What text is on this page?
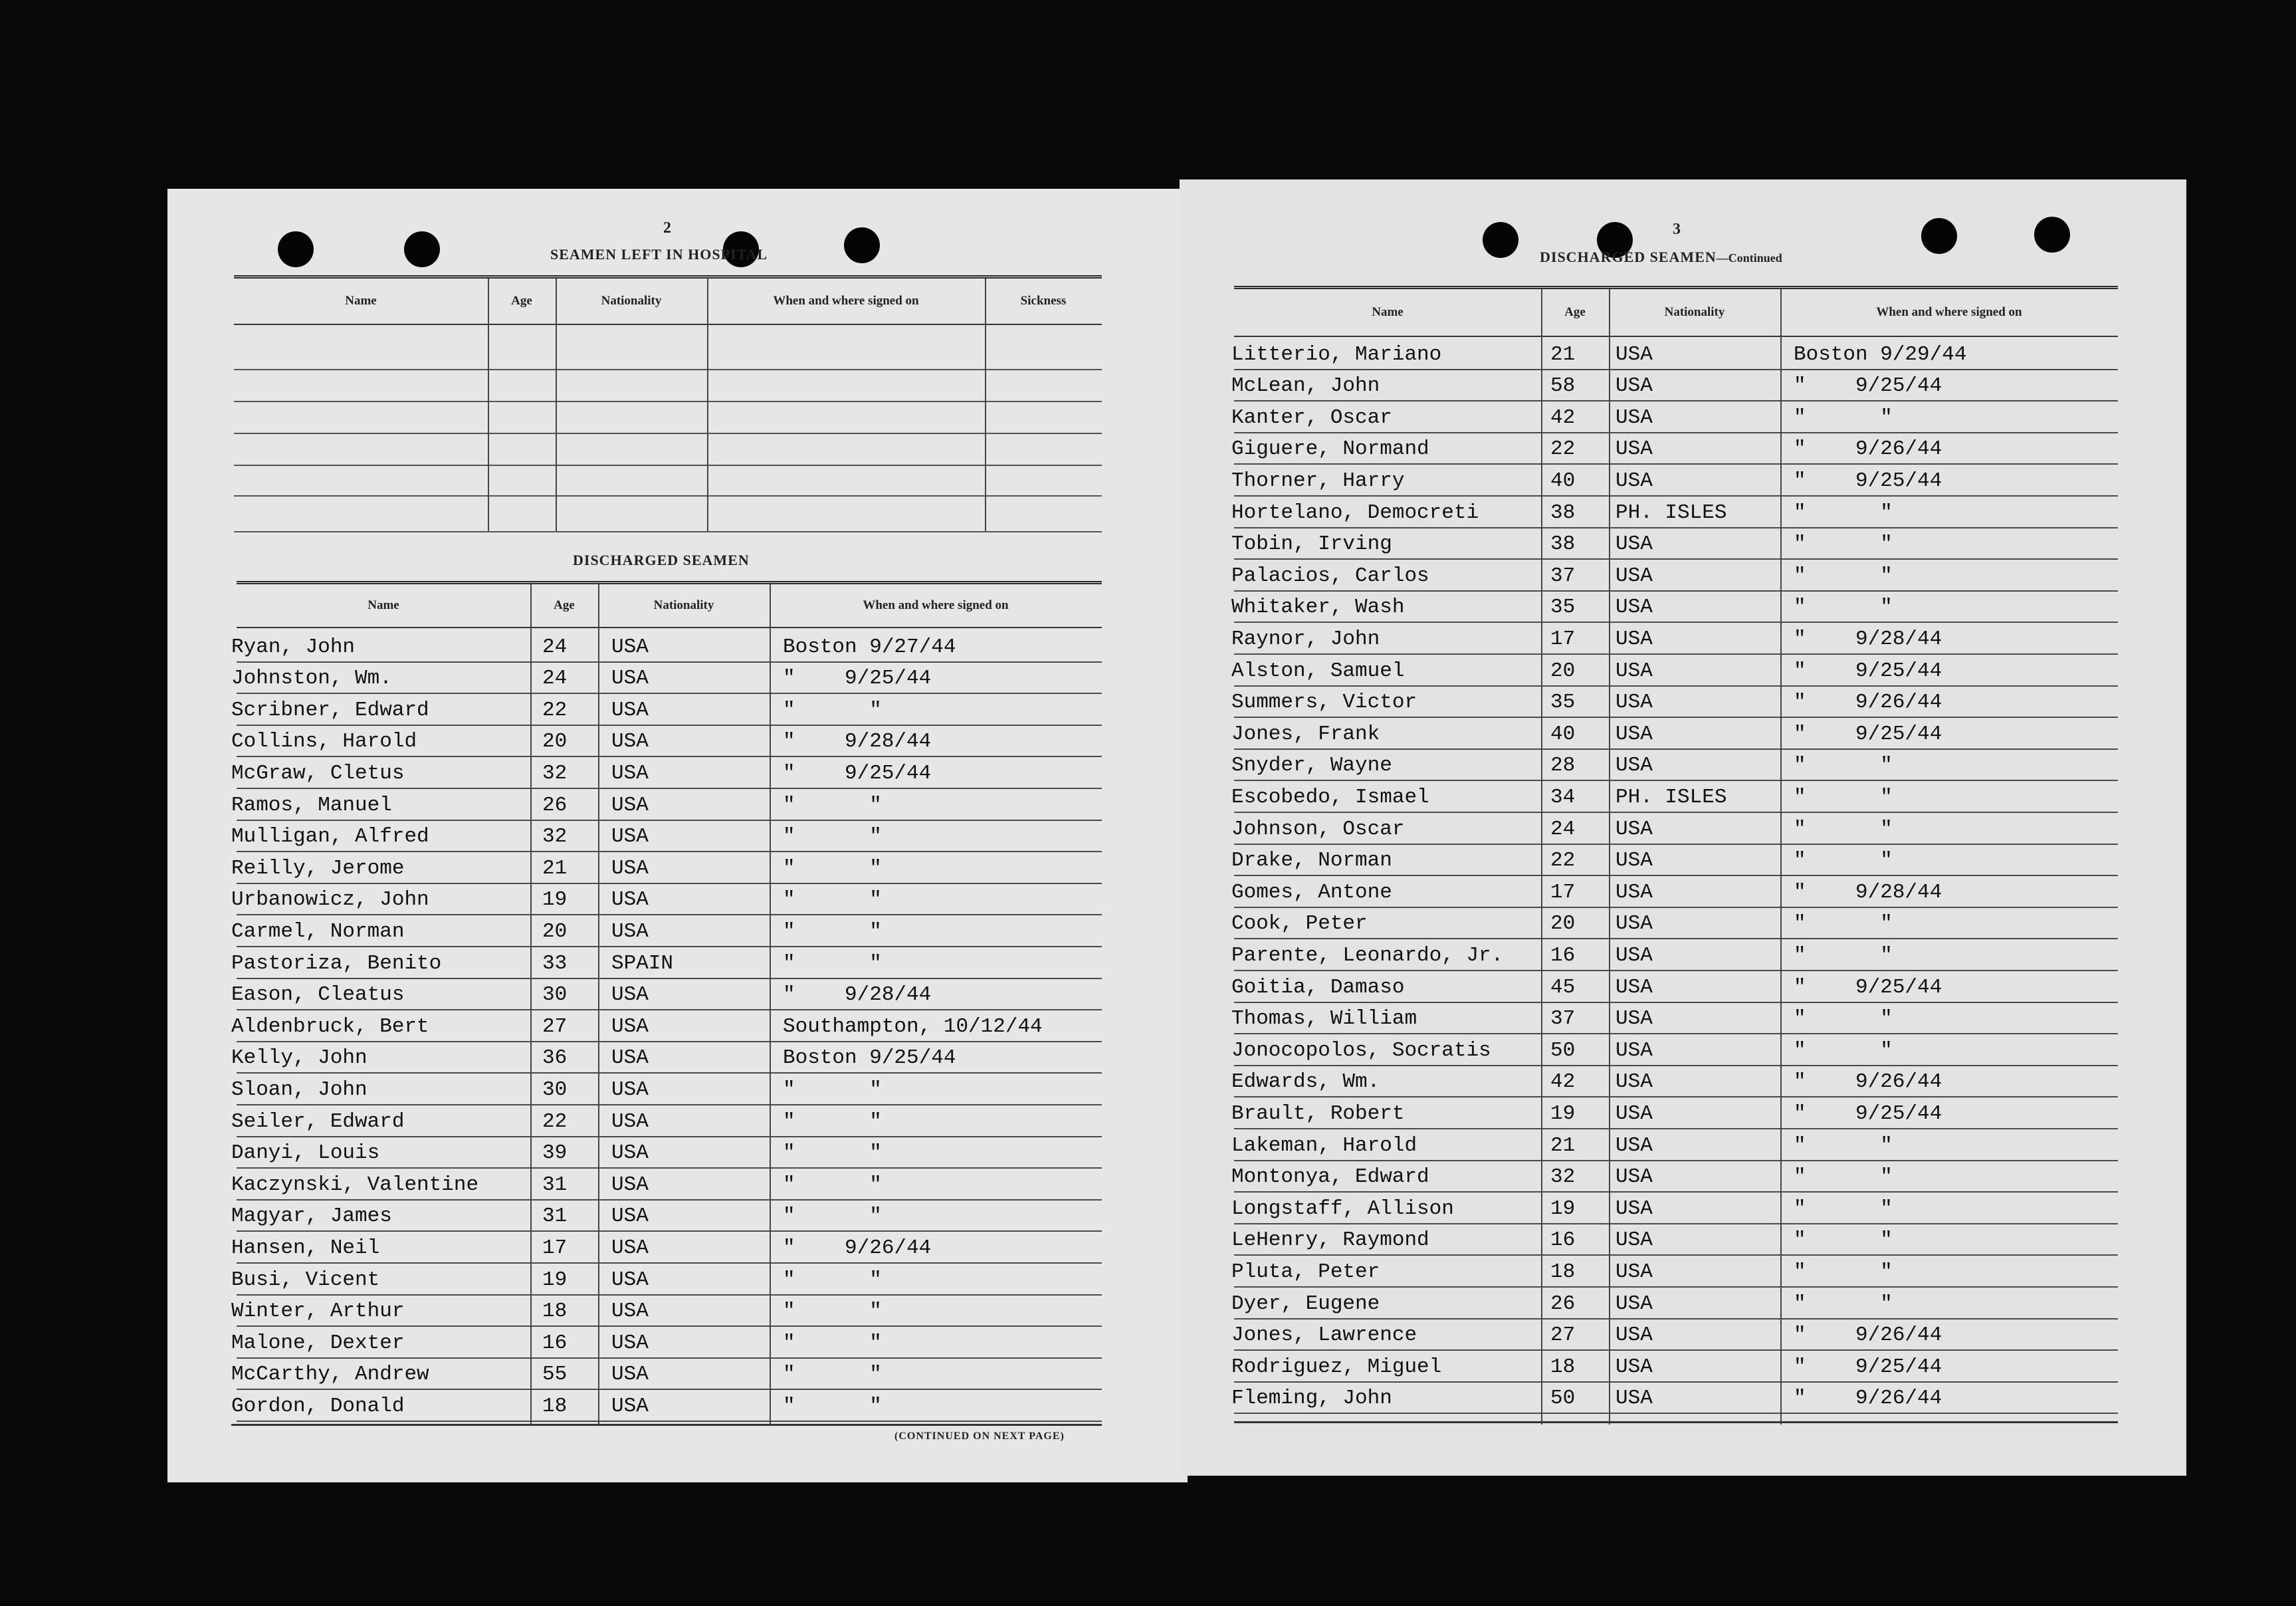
2
SEAMEN LEFT IN HOSPITAL
Name	Age	Nationality	When and where signed on	Sickness
DISCHARGED SEAMEN
Name	Age	Nationality	When and where signed on
Ryan, John	24 USA	Boston 9/27/44
Johnston, Wm.	24 USA	"    9/25/44
Scribner, Edward	22 USA	"      "
Collins, Harold	20 USA	"    9/28/44
McGraw, Cletus	32 USA	"    9/25/44
Ramos, Manuel	26 USA	"      "
Mulligan, Alfred	32 USA	"      "
Reilly, Jerome	21 USA	"      "
Urbanowicz, John	19 USA	"      "
Carmel, Norman	20 USA	"      "
Pastoriza, Benito	33 SPAIN	"      "
Eason, Cleatus	30 USA	"    9/28/44
Aldenbruck, Bert	27 USA	Southampton, 10/12/44
Kelly, John	36 USA	Boston 9/25/44
Sloan, John	30 USA	"      "
Seiler, Edward	22 USA	"      "
Danyi, Louis	39 USA	"      "
Kaczynski, Valentine	31 USA	"      "
Magyar, James	31 USA	"      "
Hansen, Neil	17 USA	"    9/26/44
Busi, Vicent	19 USA	"      "
Winter, Arthur	18 USA	"      "
Malone, Dexter	16 USA	"      "
McCarthy, Andrew	55 USA	"      "
Gordon, Donald	18 USA	"      "
(CONTINUED ON NEXT PAGE)
3
DISCHARGED SEAMEN—Continued
Name	Age	Nationality	When and where signed on
Litterio, Mariano	21 USA	Boston 9/29/44
McLean, John	58 USA	"    9/25/44
Kanter, Oscar	42 USA	"      "
Giguere, Normand	22 USA	"    9/26/44
Thorner, Harry	40 USA	"    9/25/44
Hortelano, Democreti	38 PH. ISLES	"      "
Tobin, Irving	38 USA	"      "
Palacios, Carlos	37 USA	"      "
Whitaker, Wash	35 USA	"      "
Raynor, John	17 USA	"    9/28/44
Alston, Samuel	20 USA	"    9/25/44
Summers, Victor	35 USA	"    9/26/44
Jones, Frank	40 USA	"    9/25/44
Snyder, Wayne	28 USA	"      "
Escobedo, Ismael	34 PH. ISLES	"      "
Johnson, Oscar	24 USA	"      "
Drake, Norman	22 USA	"      "
Gomes, Antone	17 USA	"    9/28/44
Cook, Peter	20 USA	"      "
Parente, Leonardo, Jr. 16 USA	"      "
Goitia, Damaso	45 USA	"    9/25/44
Thomas, William	37 USA	"      "
Jonocopolos, Socratis	50 USA	"      "
Edwards, Wm.	42 USA	"    9/26/44
Brault, Robert	19 USA	"    9/25/44
Lakeman, Harold	21 USA	"      "
Montonya, Edward	32 USA	"      "
Longstaff, Allison	19 USA	"      "
LeHenry, Raymond	16 USA	"      "
Pluta, Peter	18 USA	"      "
Dyer, Eugene	26 USA	"      "
Jones, Lawrence	27 USA	"    9/26/44
Rodriguez, Miguel	18 USA	"    9/25/44
Fleming, John	50 USA	"    9/26/44
